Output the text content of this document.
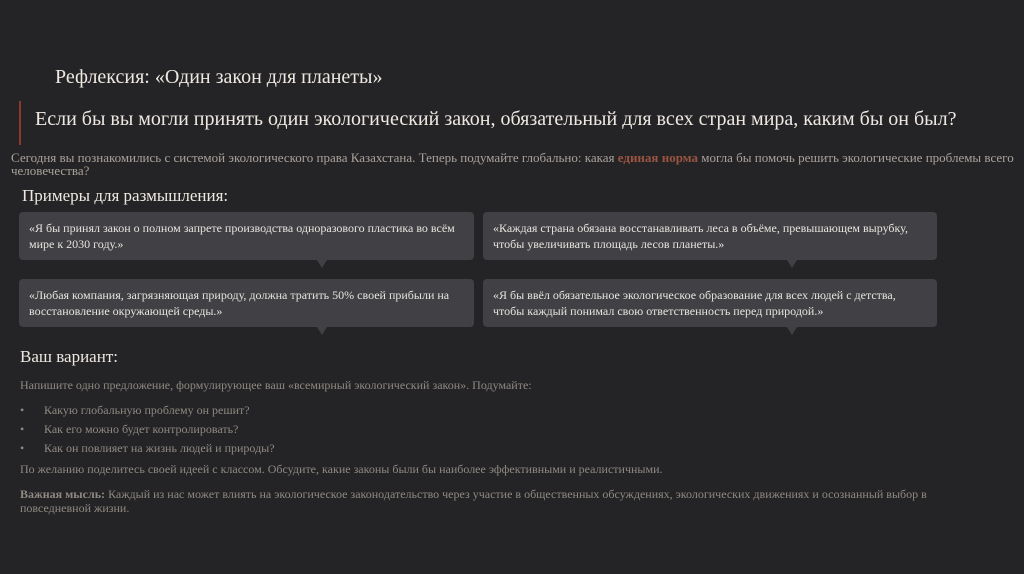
Рефлексия: «Один закон для планеты»
Если бы вы могли принять один экологический закон, обязательный для всех стран мира, каким бы он был?
Сегодня вы познакомились с системой экологического права Казахстана. Теперь подумайте глобально: какая единая норма могла бы помочь решить экологические проблемы всего человечества?
Примеры для размышления:
«Я бы принял закон о полном запрете производства одноразового пластика во всём мире к 2030 году.»
«Каждая страна обязана восстанавливать леса в объёме, превышающем вырубку, чтобы увеличивать площадь лесов планеты.»
«Любая компания, загрязняющая природу, должна тратить 50% своей прибыли на восстановление окружающей среды.»
«Я бы ввёл обязательное экологическое образование для всех людей с детства, чтобы каждый понимал свою ответственность перед природой.»
Ваш вариант:
Напишите одно предложение, формулирующее ваш «всемирный экологический закон». Подумайте:
• Какую глобальную проблему он решит?
• Как его можно будет контролировать?
• Как он повлияет на жизнь людей и природы?
По желанию поделитесь своей идеей с классом. Обсудите, какие законы были бы наиболее эффективными и реалистичными.
Важная мысль: Каждый из нас может влиять на экологическое законодательство через участие в общественных обсуждениях, экологических движениях и осознанный выбор в повседневной жизни.
